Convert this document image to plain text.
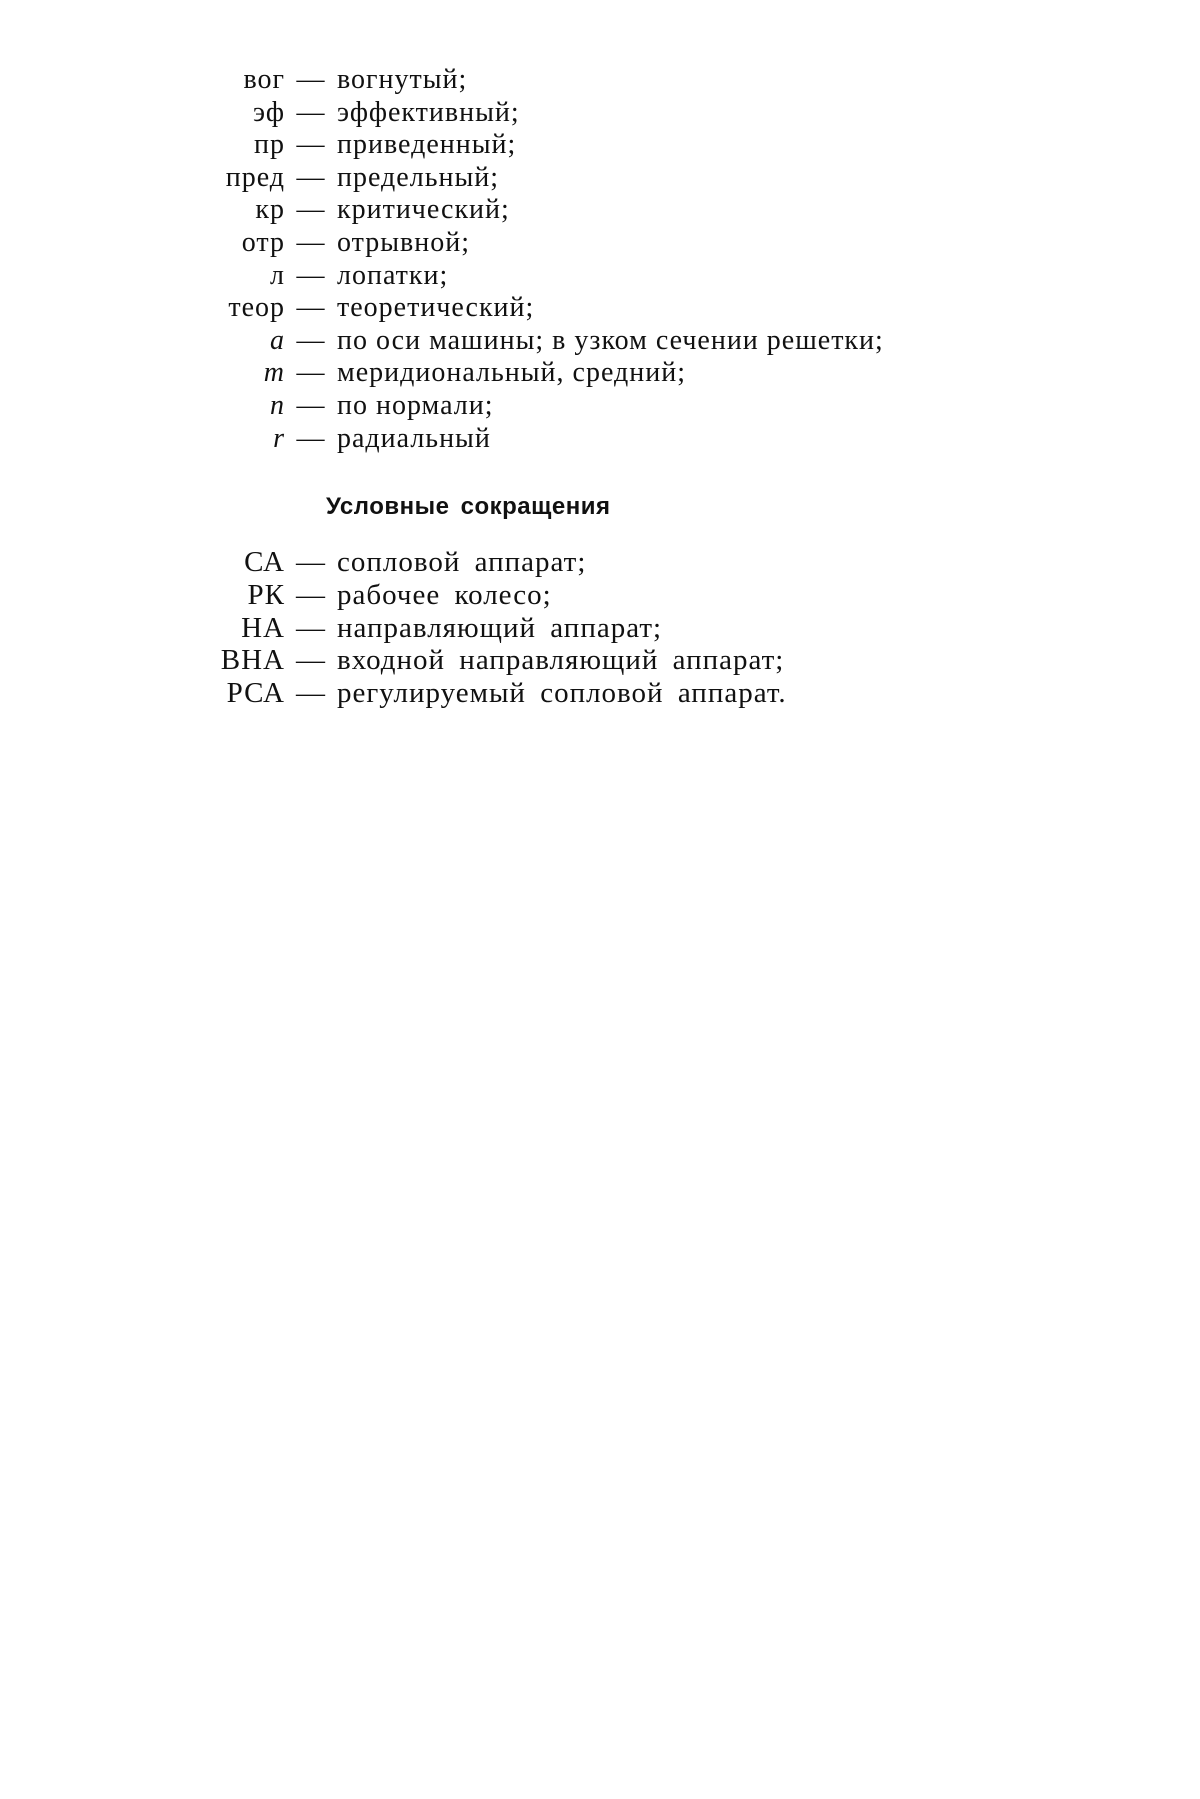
вог — вогнутый;
эф — эффективный;
пр — приведенный;
пред — предельный;
кр — критический;
отр — отрывной;
л — лопатки;
теор — теоретический;
a — по оси машины; в узком сечении решетки;
m — меридиональный, средний;
n — по нормали;
r — радиальный
Условные сокращения
СА — сопловой аппарат;
РК — рабочее колесо;
НА — направляющий аппарат;
ВНА — входной направляющий аппарат;
РСА — регулируемый сопловой аппарат.
